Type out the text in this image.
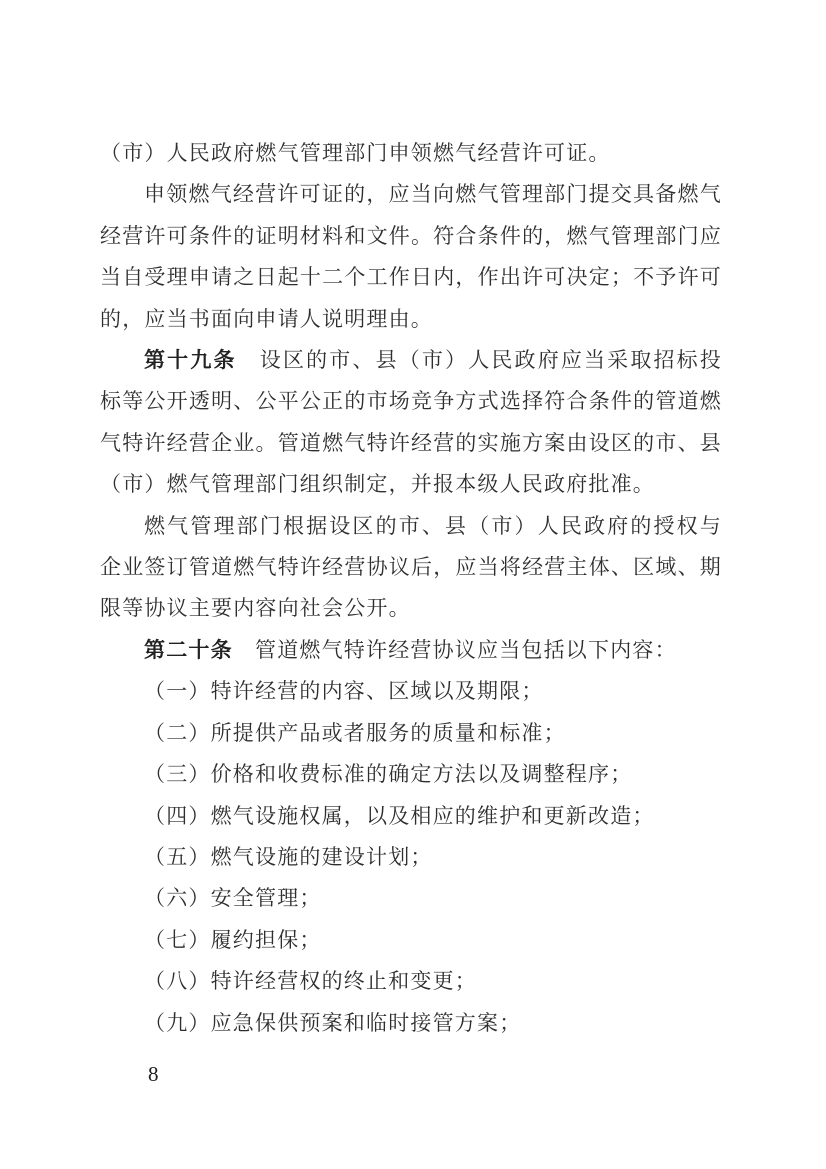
（市）人民政府燃气管理部门申领燃气经营许可证。
申领燃气经营许可证的，应当向燃气管理部门提交具备燃气
经营许可条件的证明材料和文件。符合条件的，燃气管理部门应
当自受理申请之日起十二个工作日内，作出许可决定；不予许可
的，应当书面向申请人说明理由。
第十九条　设区的市、县（市）人民政府应当采取招标投
标等公开透明、公平公正的市场竞争方式选择符合条件的管道燃
气特许经营企业。管道燃气特许经营的实施方案由设区的市、县
（市）燃气管理部门组织制定，并报本级人民政府批准。
燃气管理部门根据设区的市、县（市）人民政府的授权与
企业签订管道燃气特许经营协议后，应当将经营主体、区域、期
限等协议主要内容向社会公开。
第二十条　管道燃气特许经营协议应当包括以下内容：
（一）特许经营的内容、区域以及期限；
（二）所提供产品或者服务的质量和标准；
（三）价格和收费标准的确定方法以及调整程序；
（四）燃气设施权属，以及相应的维护和更新改造；
（五）燃气设施的建设计划；
（六）安全管理；
（七）履约担保；
（八）特许经营权的终止和变更；
（九）应急保供预案和临时接管方案；
8
